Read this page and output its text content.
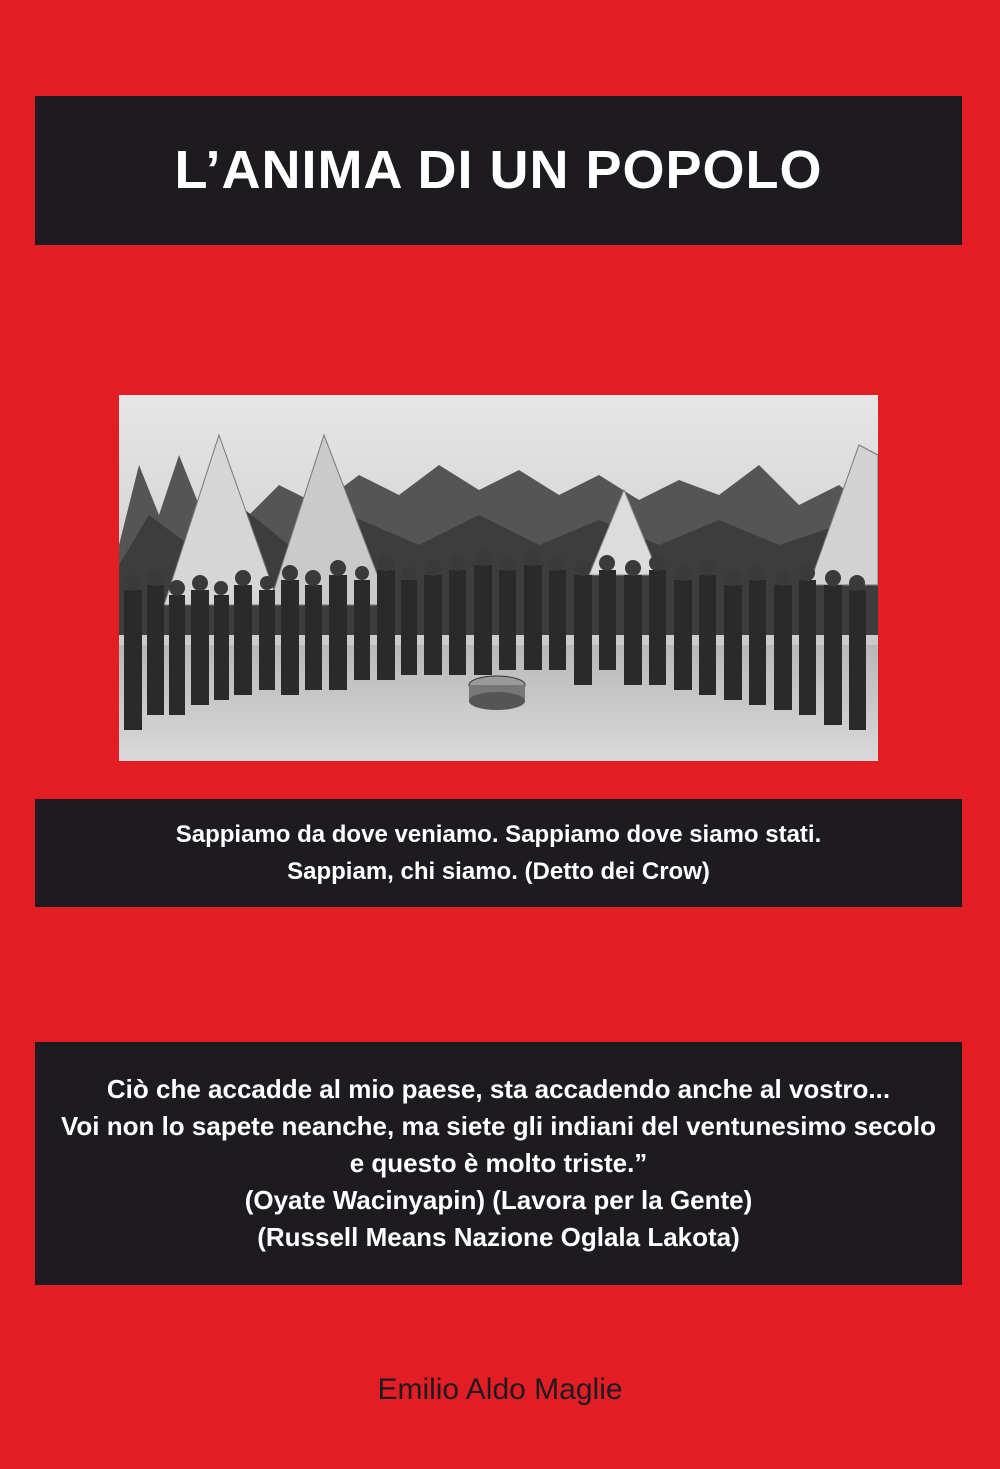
L’ANIMA DI UN POPOLO
Sappiamo da dove veniamo. Sappiamo dove siamo stati.
Sappiam, chi siamo. (Detto dei Crow)
Ciò che accadde al mio paese, sta accadendo anche al vostro...
Voi non lo sapete neanche, ma siete gli indiani del ventunesimo secolo
e questo è molto triste.”
(Oyate Wacinyapin) (Lavora per la Gente)
(Russell Means Nazione Oglala Lakota)
Emilio Aldo Maglie
